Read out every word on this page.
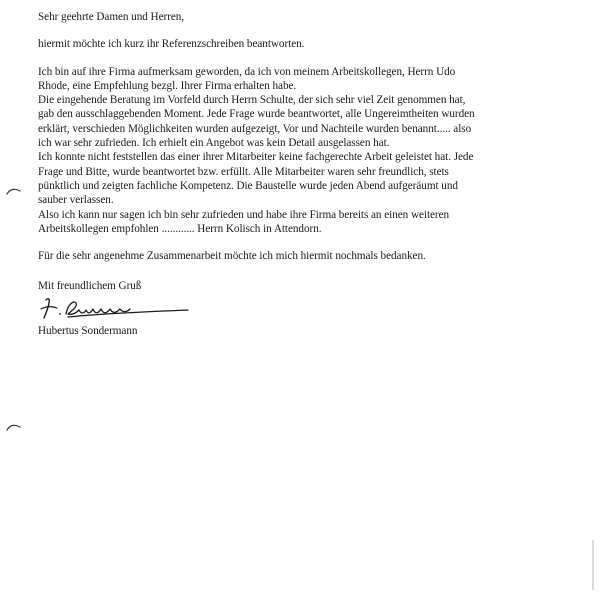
Sehr geehrte Damen und Herren,
hiermit möchte ich kurz ihr Referenzschreiben beantworten.
Ich bin auf ihre Firma aufmerksam geworden, da ich von meinem Arbeitskollegen, Herrn Udo
Rhode, eine Empfehlung bezgl. Ihrer Firma erhalten habe.
Die eingehende Beratung im Vorfeld durch Herrn Schulte, der sich sehr viel Zeit genommen hat,
gab den ausschlaggebenden Moment. Jede Frage wurde beantwortet, alle Ungereimtheiten wurden
erklärt, verschieden Möglichkeiten wurden aufgezeigt, Vor und Nachteile wurden benannt..... also
ich war sehr zufrieden. Ich erhielt ein Angebot was kein Detail ausgelassen hat.
Ich konnte nicht feststellen das einer ihrer Mitarbeiter keine fachgerechte Arbeit geleistet hat. Jede
Frage und Bitte, wurde beantwortet bzw. erfüllt. Alle Mitarbeiter waren sehr freundlich, stets
pünktlich und zeigten fachliche Kompetenz. Die Baustelle wurde jeden Abend aufgeräumt und
sauber verlassen.
Also ich kann nur sagen ich bin sehr zufrieden und habe ihre Firma bereits an einen weiteren
Arbeitskollegen empfohlen ............ Herrn Kolisch in Attendorn.
Für die sehr angenehme Zusammenarbeit möchte ich mich hiermit nochmals bedanken.
Mit freundlichem Gruß
Hubertus Sondermann
